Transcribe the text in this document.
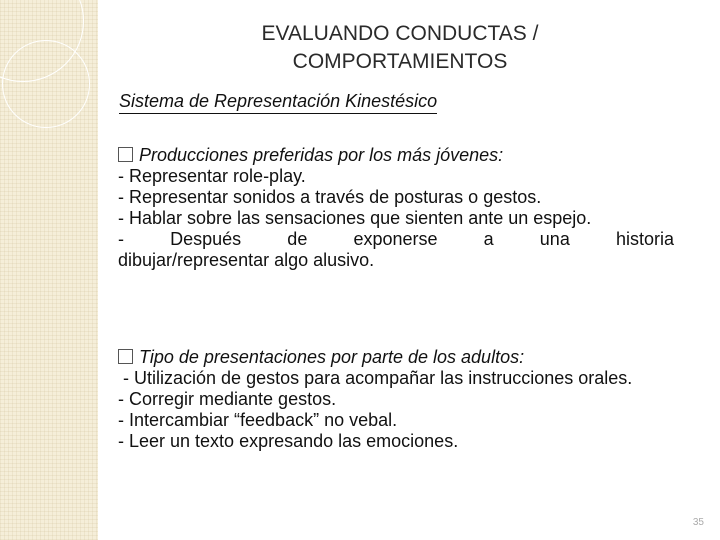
EVALUANDO CONDUCTAS /
COMPORTAMIENTOS
Sistema de Representación Kinestésico
Producciones preferidas por los más jóvenes:
- Representar role-play.
- Representar sonidos a través de posturas o gestos.
- Hablar sobre las sensaciones que sienten ante un espejo.
- Después de exponerse a una historia
dibujar/representar algo alusivo.
Tipo de presentaciones por parte de los adultos:
- Utilización de gestos para acompañar las instrucciones orales.
- Corregir mediante gestos.
- Intercambiar “feedback” no vebal.
- Leer un texto expresando las emociones.
35
